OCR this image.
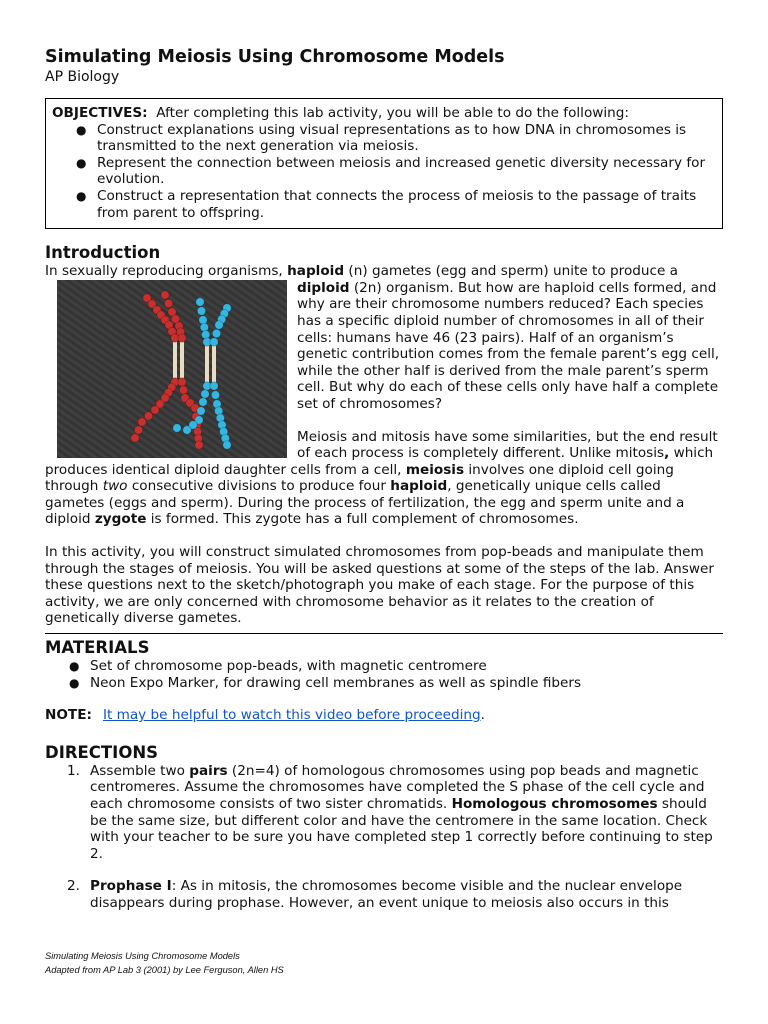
Simulating Meiosis Using Chromosome Models
AP Biology
OBJECTIVES: After completing this lab activity, you will be able to do the following:
● Construct explanations using visual representations as to how DNA in chromosomes is transmitted to the next generation via meiosis.
● Represent the connection between meiosis and increased genetic diversity necessary for evolution.
● Construct a representation that connects the process of meiosis to the passage of traits from parent to offspring.
Introduction

In sexually reproducing organisms, haploid (n) gametes (egg and sperm) unite to produce a

diploid (2n) organism. But how are haploid cells formed, and why are their chromosome numbers reduced? Each species has a specific diploid number of chromosomes in all of their cells: humans have 46 (23 pairs). Half of an organism’s genetic contribution comes from the female parent’s egg cell, while the other half is derived from the male parent’s sperm cell. But why do each of these cells only have half a complete set of chromosomes?

Meiosis and mitosis have some similarities, but the end result of each process is completely different. Unlike mitosis, which produces identical diploid daughter cells from a cell, meiosis involves one diploid cell going through two consecutive divisions to produce four haploid, genetically unique cells called gametes (eggs and sperm). During the process of fertilization, the egg and sperm unite and a diploid zygote is formed. This zygote has a full complement of chromosomes.

In this activity, you will construct simulated chromosomes from pop-beads and manipulate them through the stages of meiosis. You will be asked questions at some of the steps of the lab. Answer these questions next to the sketch/photograph you make of each stage. For the purpose of this activity, we are only concerned with chromosome behavior as it relates to the creation of genetically diverse gametes.

MATERIALS
● Set of chromosome pop-beads, with magnetic centromere
● Neon Expo Marker, for drawing cell membranes as well as spindle fibers

NOTE: It may be helpful to watch this video before proceeding.

DIRECTIONS
1. Assemble two pairs (2n=4) of homologous chromosomes using pop beads and magnetic centromeres. Assume the chromosomes have completed the S phase of the cell cycle and each chromosome consists of two sister chromatids. Homologous chromosomes should be the same size, but different color and have the centromere in the same location. Check with your teacher to be sure you have completed step 1 correctly before continuing to step 2.
2. Prophase I: As in mitosis, the chromosomes become visible and the nuclear envelope disappears during prophase. However, an event unique to meiosis also occurs in this
Simulating Meiosis Using Chromosome Models
Adapted from AP Lab 3 (2001) by Lee Ferguson, Allen HS
